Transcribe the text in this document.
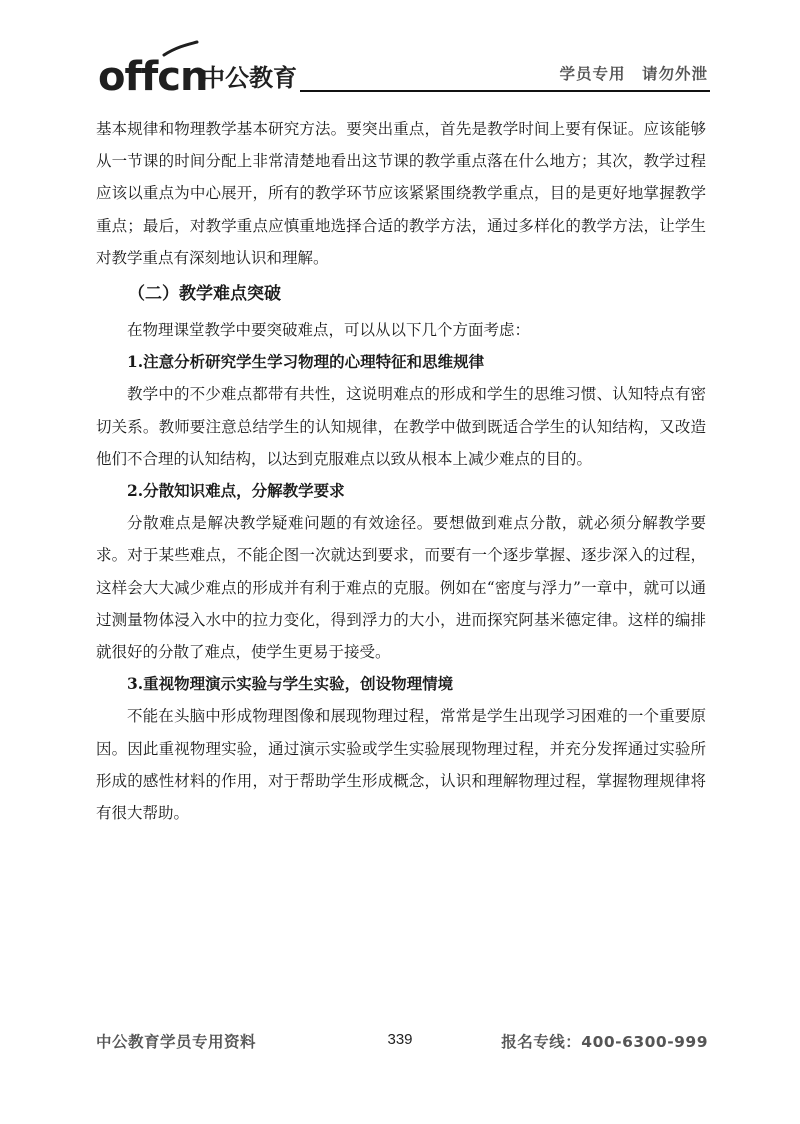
offcn
中公教育	学员专用　请勿外泄

基本规律和物理教学基本研究方法。要突出重点，首先是教学时间上要有保证。应该能够从一节课的时间分配上非常清楚地看出这节课的教学重点落在什么地方；其次，教学过程应该以重点为中心展开，所有的教学环节应该紧紧围绕教学重点，目的是更好地掌握教学重点；最后，对教学重点应慎重地选择合适的教学方法，通过多样化的教学方法，让学生对教学重点有深刻地认识和理解。

（二）教学难点突破

在物理课堂教学中要突破难点，可以从以下几个方面考虑：

1.注意分析研究学生学习物理的心理特征和思维规律

教学中的不少难点都带有共性，这说明难点的形成和学生的思维习惯、认知特点有密切关系。教师要注意总结学生的认知规律，在教学中做到既适合学生的认知结构，又改造他们不合理的认知结构，以达到克服难点以致从根本上减少难点的目的。

2.分散知识难点，分解教学要求

分散难点是解决教学疑难问题的有效途径。要想做到难点分散，就必须分解教学要求。对于某些难点，不能企图一次就达到要求，而要有一个逐步掌握、逐步深入的过程，这样会大大减少难点的形成并有利于难点的克服。例如在“密度与浮力”一章中，就可以通过测量物体浸入水中的拉力变化，得到浮力的大小，进而探究阿基米德定律。这样的编排就很好的分散了难点，使学生更易于接受。

3.重视物理演示实验与学生实验，创设物理情境

不能在头脑中形成物理图像和展现物理过程，常常是学生出现学习困难的一个重要原因。因此重视物理实验，通过演示实验或学生实验展现物理过程，并充分发挥通过实验所形成的感性材料的作用，对于帮助学生形成概念，认识和理解物理过程，掌握物理规律将有很大帮助。

中公教育学员专用资料	339	报名专线：400-6300-999
